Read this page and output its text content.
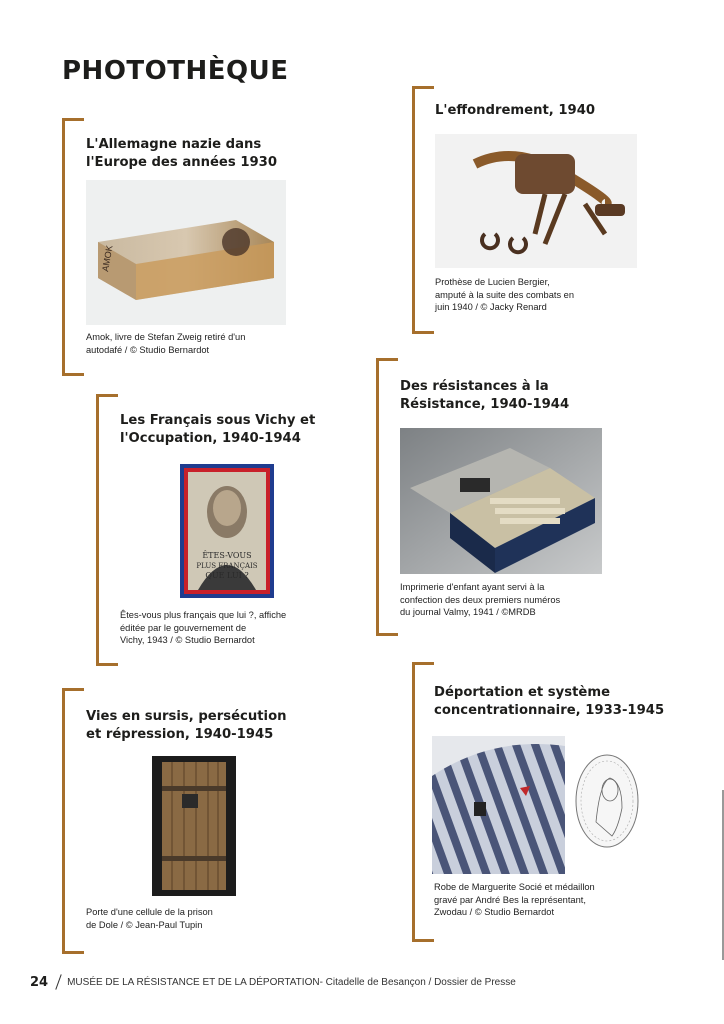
PHOTOTHÈQUE

L'Allemagne nazie dans
l'Europe des années 1930

AMOK

Amok, livre de Stefan Zweig retiré d'un
autodafé / © Studio Bernardot

L'effondrement, 1940

Prothèse de Lucien Bergier,
amputé à la suite des combats en
juin 1940 / © Jacky Renard

Les Français sous Vichy et
l'Occupation, 1940-1944

ÊTES-VOUS
PLUS FRANÇAIS
QUE LUI ?

Êtes-vous plus français que lui ?, affiche
éditée par le gouvernement de
Vichy, 1943 / © Studio Bernardot

Des résistances à la
Résistance, 1940-1944

Imprimerie d'enfant ayant servi à la
confection des deux premiers numéros
du journal Valmy, 1941 / ©MRDB

Vies en sursis, persécution
et répression, 1940-1945

Porte d'une cellule de la prison
de Dole / © Jean-Paul Tupin

Déportation et système
concentrationnaire, 1933-1945

Robe de Marguerite Socié et médaillon
gravé par André Bes la représentant,
Zwodau / © Studio Bernardot

24 MUSÉE DE LA RÉSISTANCE ET DE LA DÉPORTATION - Citadelle de Besançon / Dossier de Presse
